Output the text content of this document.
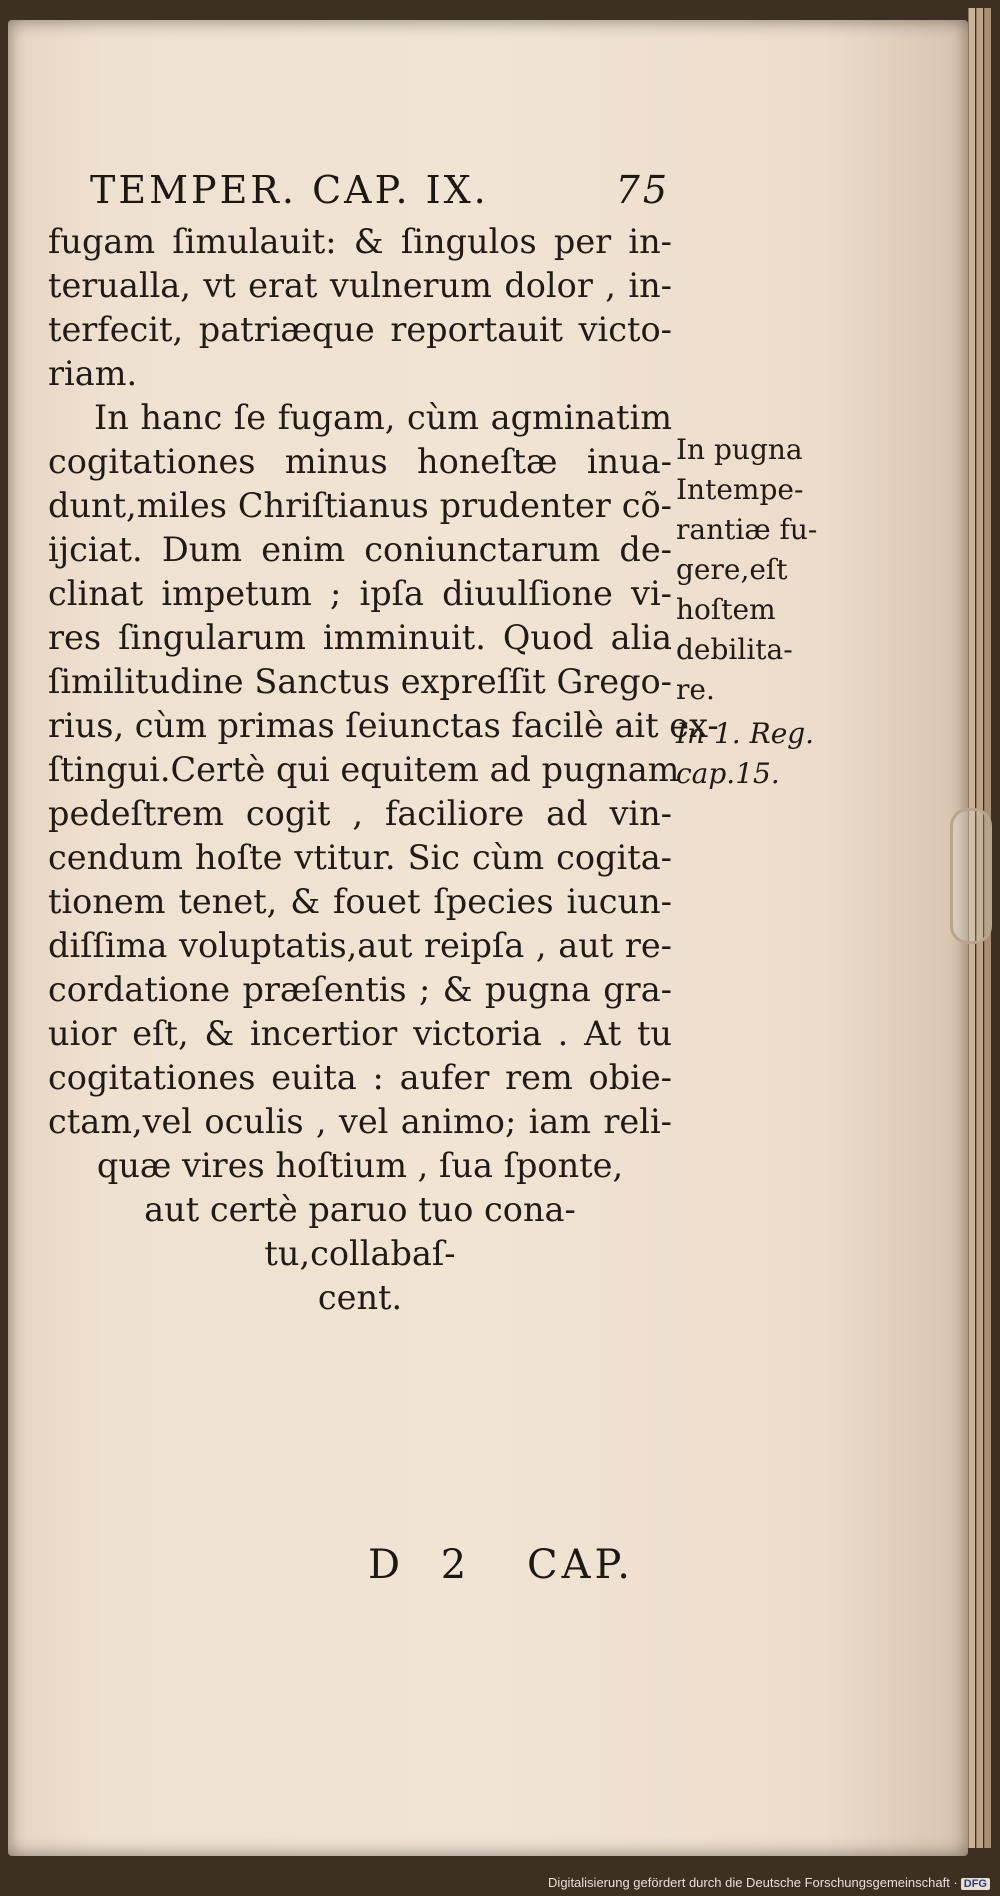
TEMPER. CAP. IX.	75
fugam ſimulauit: & ſingulos per in-
terualla, vt erat vulnerum dolor , in-
terfecit, patriæque reportauit victo-
riam.
In hanc ſe fugam, cùm agminatim
cogitationes minus honeſtæ inua-
dunt,miles Chriſtianus prudenter cõ-
ijciat. Dum enim coniunctarum de-
clinat impetum ; ipſa diuulſione vi-
res ſingularum imminuit. Quod alia
ſimilitudine Sanctus expreſſit Grego-
rius, cùm primas ſeiunctas facilè ait ex-
ſtingui.Certè qui equitem ad pugnam
pedeſtrem cogit , faciliore ad vin-
cendum hoſte vtitur. Sic cùm cogita-
tionem tenet, & fouet ſpecies iucun-
diſſima voluptatis,aut reipſa , aut re-
cordatione præſentis ; & pugna gra-
uior eſt, & incertior victoria . At tu
cogitationes euita : aufer rem obie-
ctam,vel oculis , vel animo; iam reli-
quæ vires hoſtium , ſua ſponte,
aut certè paruo tuo cona-
tu,collabaſ-
cent.
In pugna
Intempe-
rantiæ fu-
gere,eſt
hoſtem
debilita-
re.
In 1. Reg.
cap.15.
D 2 CAP.
Digitalisierung gefördert durch die Deutsche Forschungsgemeinschaft · DFG
